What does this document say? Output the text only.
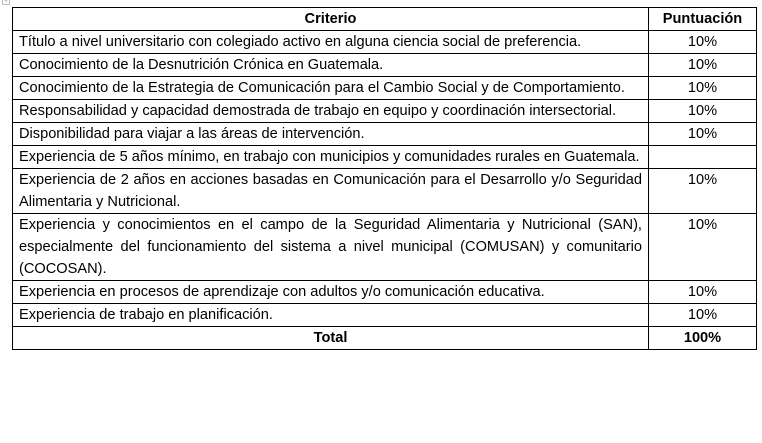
+
Criterio	Puntuación
Título a nivel universitario con colegiado activo en alguna ciencia social de preferencia.	10%
Conocimiento de la Desnutrición Crónica en Guatemala.	10%
Conocimiento de la Estrategia de Comunicación para el Cambio Social y de Comportamiento.	10%
Responsabilidad y capacidad demostrada de trabajo en equipo y coordinación intersectorial.	10%
Disponibilidad para viajar a las áreas de intervención.	10%
Experiencia de 5 años mínimo, en trabajo con municipios y comunidades rurales en Guatemala.	
Experiencia de 2 años en acciones basadas en Comunicación para el Desarrollo y/o Seguridad Alimentaria y Nutricional.	10%
Experiencia y conocimientos en el campo de la Seguridad Alimentaria y Nutricional (SAN), especialmente del funcionamiento del sistema a nivel municipal (COMUSAN) y comunitario (COCOSAN).	10%
Experiencia en procesos de aprendizaje con adultos y/o comunicación educativa.	10%
Experiencia de trabajo en planificación.	10%
Total	100%
